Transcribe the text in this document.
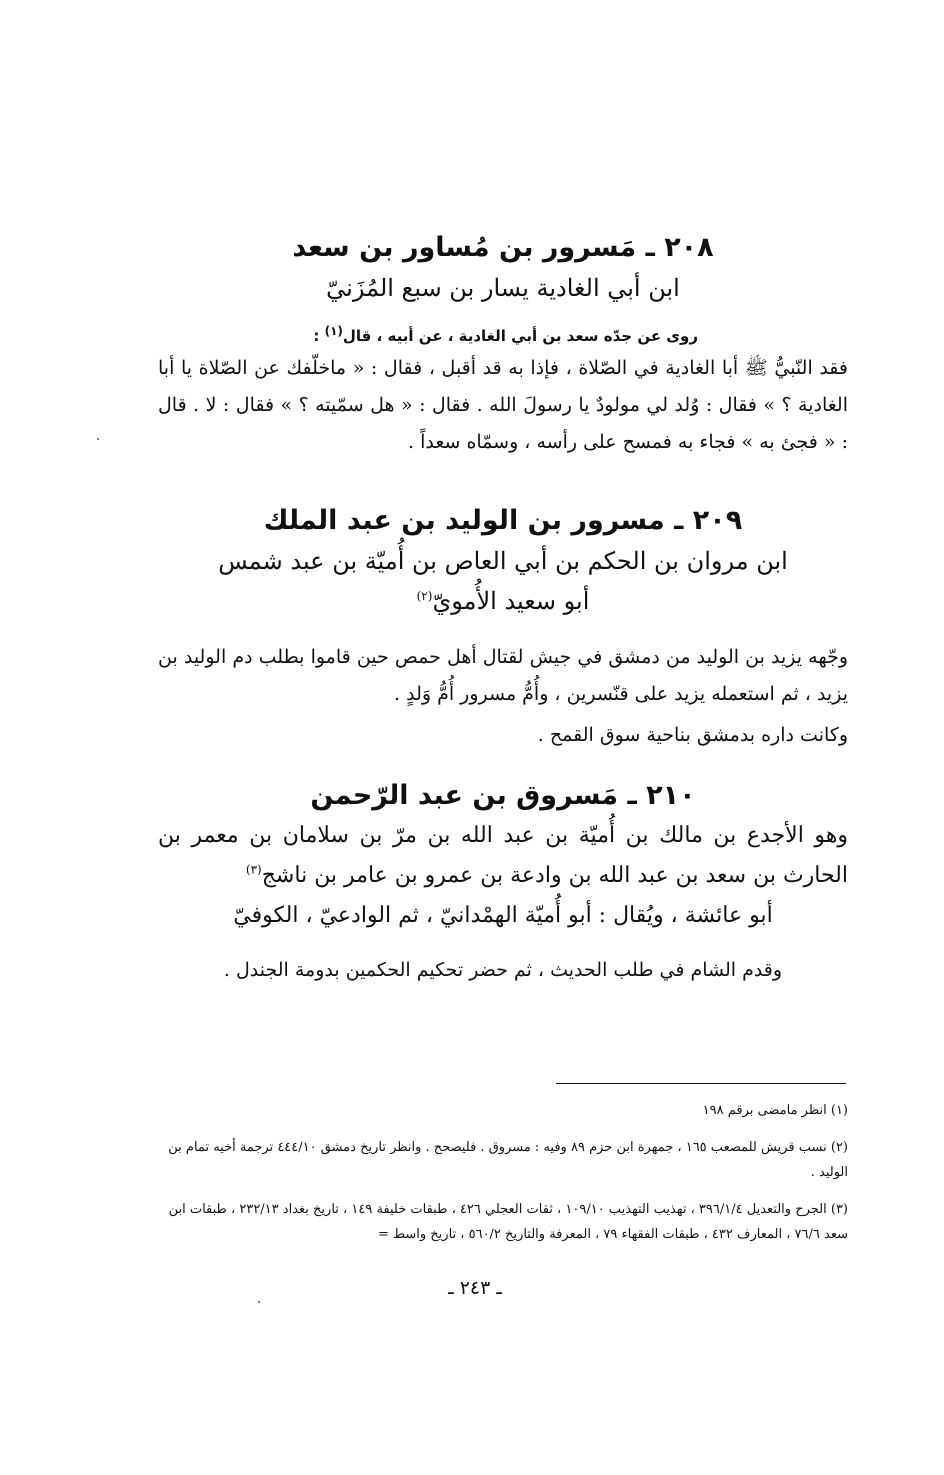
٢٠٨ ـ مَسرور بن مُساور بن سعد

ابن أبي الغادية يسار بن سبع المُزَنيّ

روى عن جدّه سعد بن أبي الغادية ، عن أبيه ، قال$^{(١)}$ :

فقد النّبيُّ ﷺ أبا الغادية في الصّلاة ، فإذا به قد أقبل ، فقال : « ماخلّفك عن الصّلاة يا أبا الغادية ؟ » فقال : وُلد لي مولودٌ يا رسولَ الله . فقال : « هل سمّيته ؟ » فقال : لا . قال : « فجئ به » فجاء به فمسح على رأسه ، وسمّاه سعداً .

٢٠٩ ـ مسرور بن الوليد بن عبد الملك

ابن مروان بن الحكم بن أبي العاص بن أُميّة بن عبد شمس

أبو سعيد الأُمويّ$^{(٢)}$

وجّهه يزيد بن الوليد من دمشق في جيش لقتال أهل حمص حين قاموا بطلب دم الوليد بن يزيد ، ثم استعمله يزيد على قنّسرين ، وأُمُّ مسرور أُمُّ وَلدٍ .

وكانت داره بدمشق بناحية سوق القمح .

٢١٠ ـ مَسروق بن عبد الرّحمن

وهو الأجدع بن مالك بن أُميّة بن عبد الله بن مرّ بن سلامان بن معمر بن الحارث بن سعد بن عبد الله بن وادعة بن عمرو بن عامر بن ناشج$^{(٣)}$

أبو عائشة ، ويُقال : أبو أُميّة الهمْدانيّ ، ثم الوادعيّ ، الكوفيّ

وقدم الشام في طلب الحديث ، ثم حضر تحكيم الحكمين بدومة الجندل .

(١) انظر مامضى برقم ١٩٨

(٢) نسب قريش للمصعب ١٦٥ ، جمهرة ابن حزم ٨٩ وفيه : مسروق . فليصحح . وانظر تاريخ دمشق ٤٤٤/١٠ ترجمة أخيه تمام بن الوليد .

(٣) الجرح والتعديل ٣٩٦/١/٤ ، تهذيب التهذيب ١٠٩/١٠ ، ثقات العجلي ٤٢٦ ، طبقات خليفة ١٤٩ ، تاريخ بغداد ٢٣٢/١٣ ، طبقات ابن سعد ٧٦/٦ ، المعارف ٤٣٢ ، طبقات الفقهاء ٧٩ ، المعرفة والتاريخ ٥٦٠/٢ ، تاريخ واسط =

ـ ٢٤٣ ـ
